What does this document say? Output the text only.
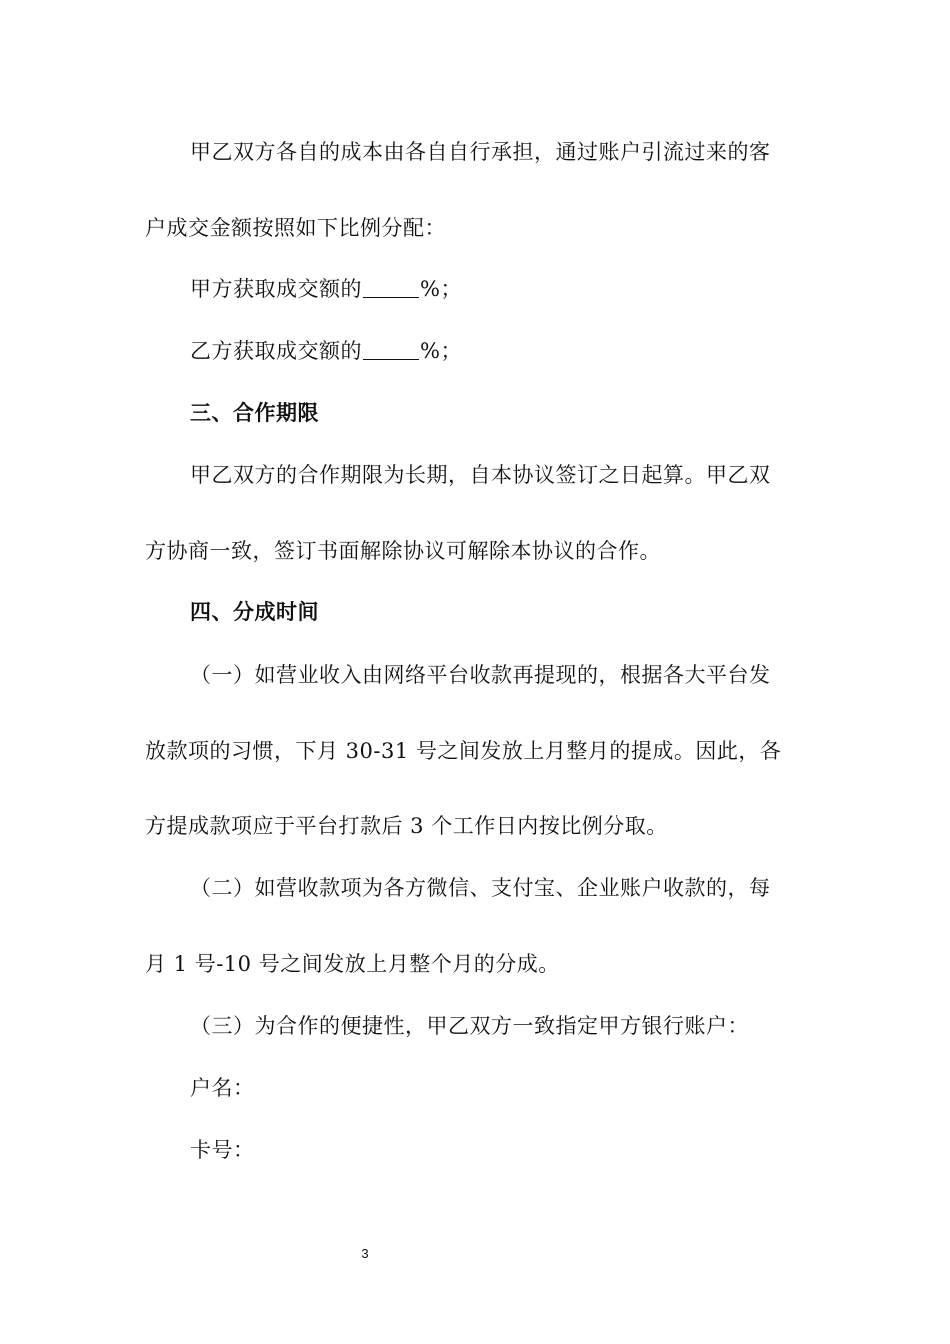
甲乙双方各自的成本由各自自行承担，通过账户引流过来的客
户成交金额按照如下比例分配：
甲方获取成交额的	%；
乙方获取成交额的	%；
三、合作期限
甲乙双方的合作期限为长期，自本协议签订之日起算。甲乙双
方协商一致，签订书面解除协议可解除本协议的合作。
四、分成时间
（一）如营业收入由网络平台收款再提现的，根据各大平台发
放款项的习惯，下月 30-31 号之间发放上月整月的提成。因此，各
方提成款项应于平台打款后 3 个工作日内按比例分取。
（二）如营收款项为各方微信、支付宝、企业账户收款的，每
月 1 号-10 号之间发放上月整个月的分成。
（三）为合作的便捷性，甲乙双方一致指定甲方银行账户：
户名：
卡号：
3
